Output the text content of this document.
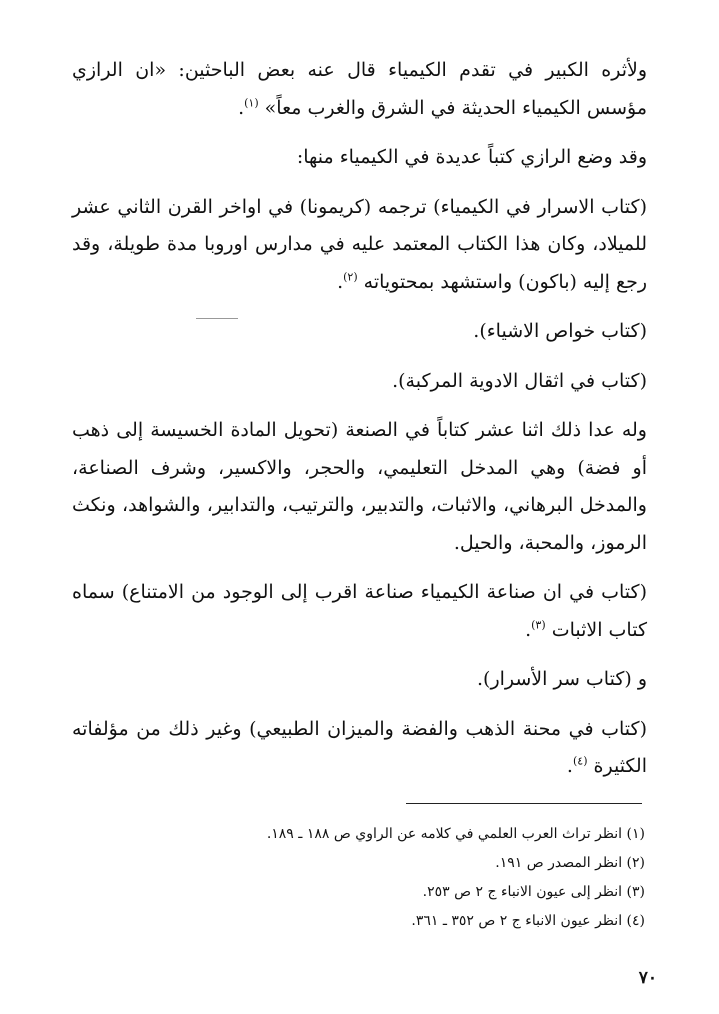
ولأثره الكبير في تقدم الكيمياء قال عنه بعض الباحثين: «ان الرازي مؤسس الكيمياء الحديثة في الشرق والغرب معاً» $^{(١)}$.

وقد وضع الرازي كتباً عديدة في الكيمياء منها:

(كتاب الاسرار في الكيمياء) ترجمه (كريمونا) في اواخر القرن الثاني عشر للميلاد، وكان هذا الكتاب المعتمد عليه في مدارس اوروبا مدة طويلة، وقد رجع إليه (باكون) واستشهد بمحتوياته $^{(٢)}$.

(كتاب خواص الاشياء).

(كتاب في اثقال الادوية المركبة).

وله عدا ذلك اثنا عشر كتاباً في الصنعة (تحويل المادة الخسيسة إلى ذهب أو فضة) وهي المدخل التعليمي، والحجر، والاكسير، وشرف الصناعة، والمدخل البرهاني، والاثبات، والتدبير، والترتيب، والتدابير، والشواهد، ونكث الرموز، والمحبة، والحيل.

(كتاب في ان صناعة الكيمياء صناعة اقرب إلى الوجود من الامتناع) سماه كتاب الاثبات $^{(٣)}$.

و (كتاب سر الأسرار).

(كتاب في محنة الذهب والفضة والميزان الطبيعي) وغير ذلك من مؤلفاته الكثيرة $^{(٤)}$.

(١) انظر تراث العرب العلمي في كلامه عن الراوي ص ١٨٨ ـ ١٨٩.

(٢) انظر المصدر ص ١٩١.

(٣) انظر إلى عيون الانباء ج ٢ ص ٢٥٣.

(٤) انظر عيون الانباء ج ٢ ص ٣٥٢ ـ ٣٦١.

٧٠
